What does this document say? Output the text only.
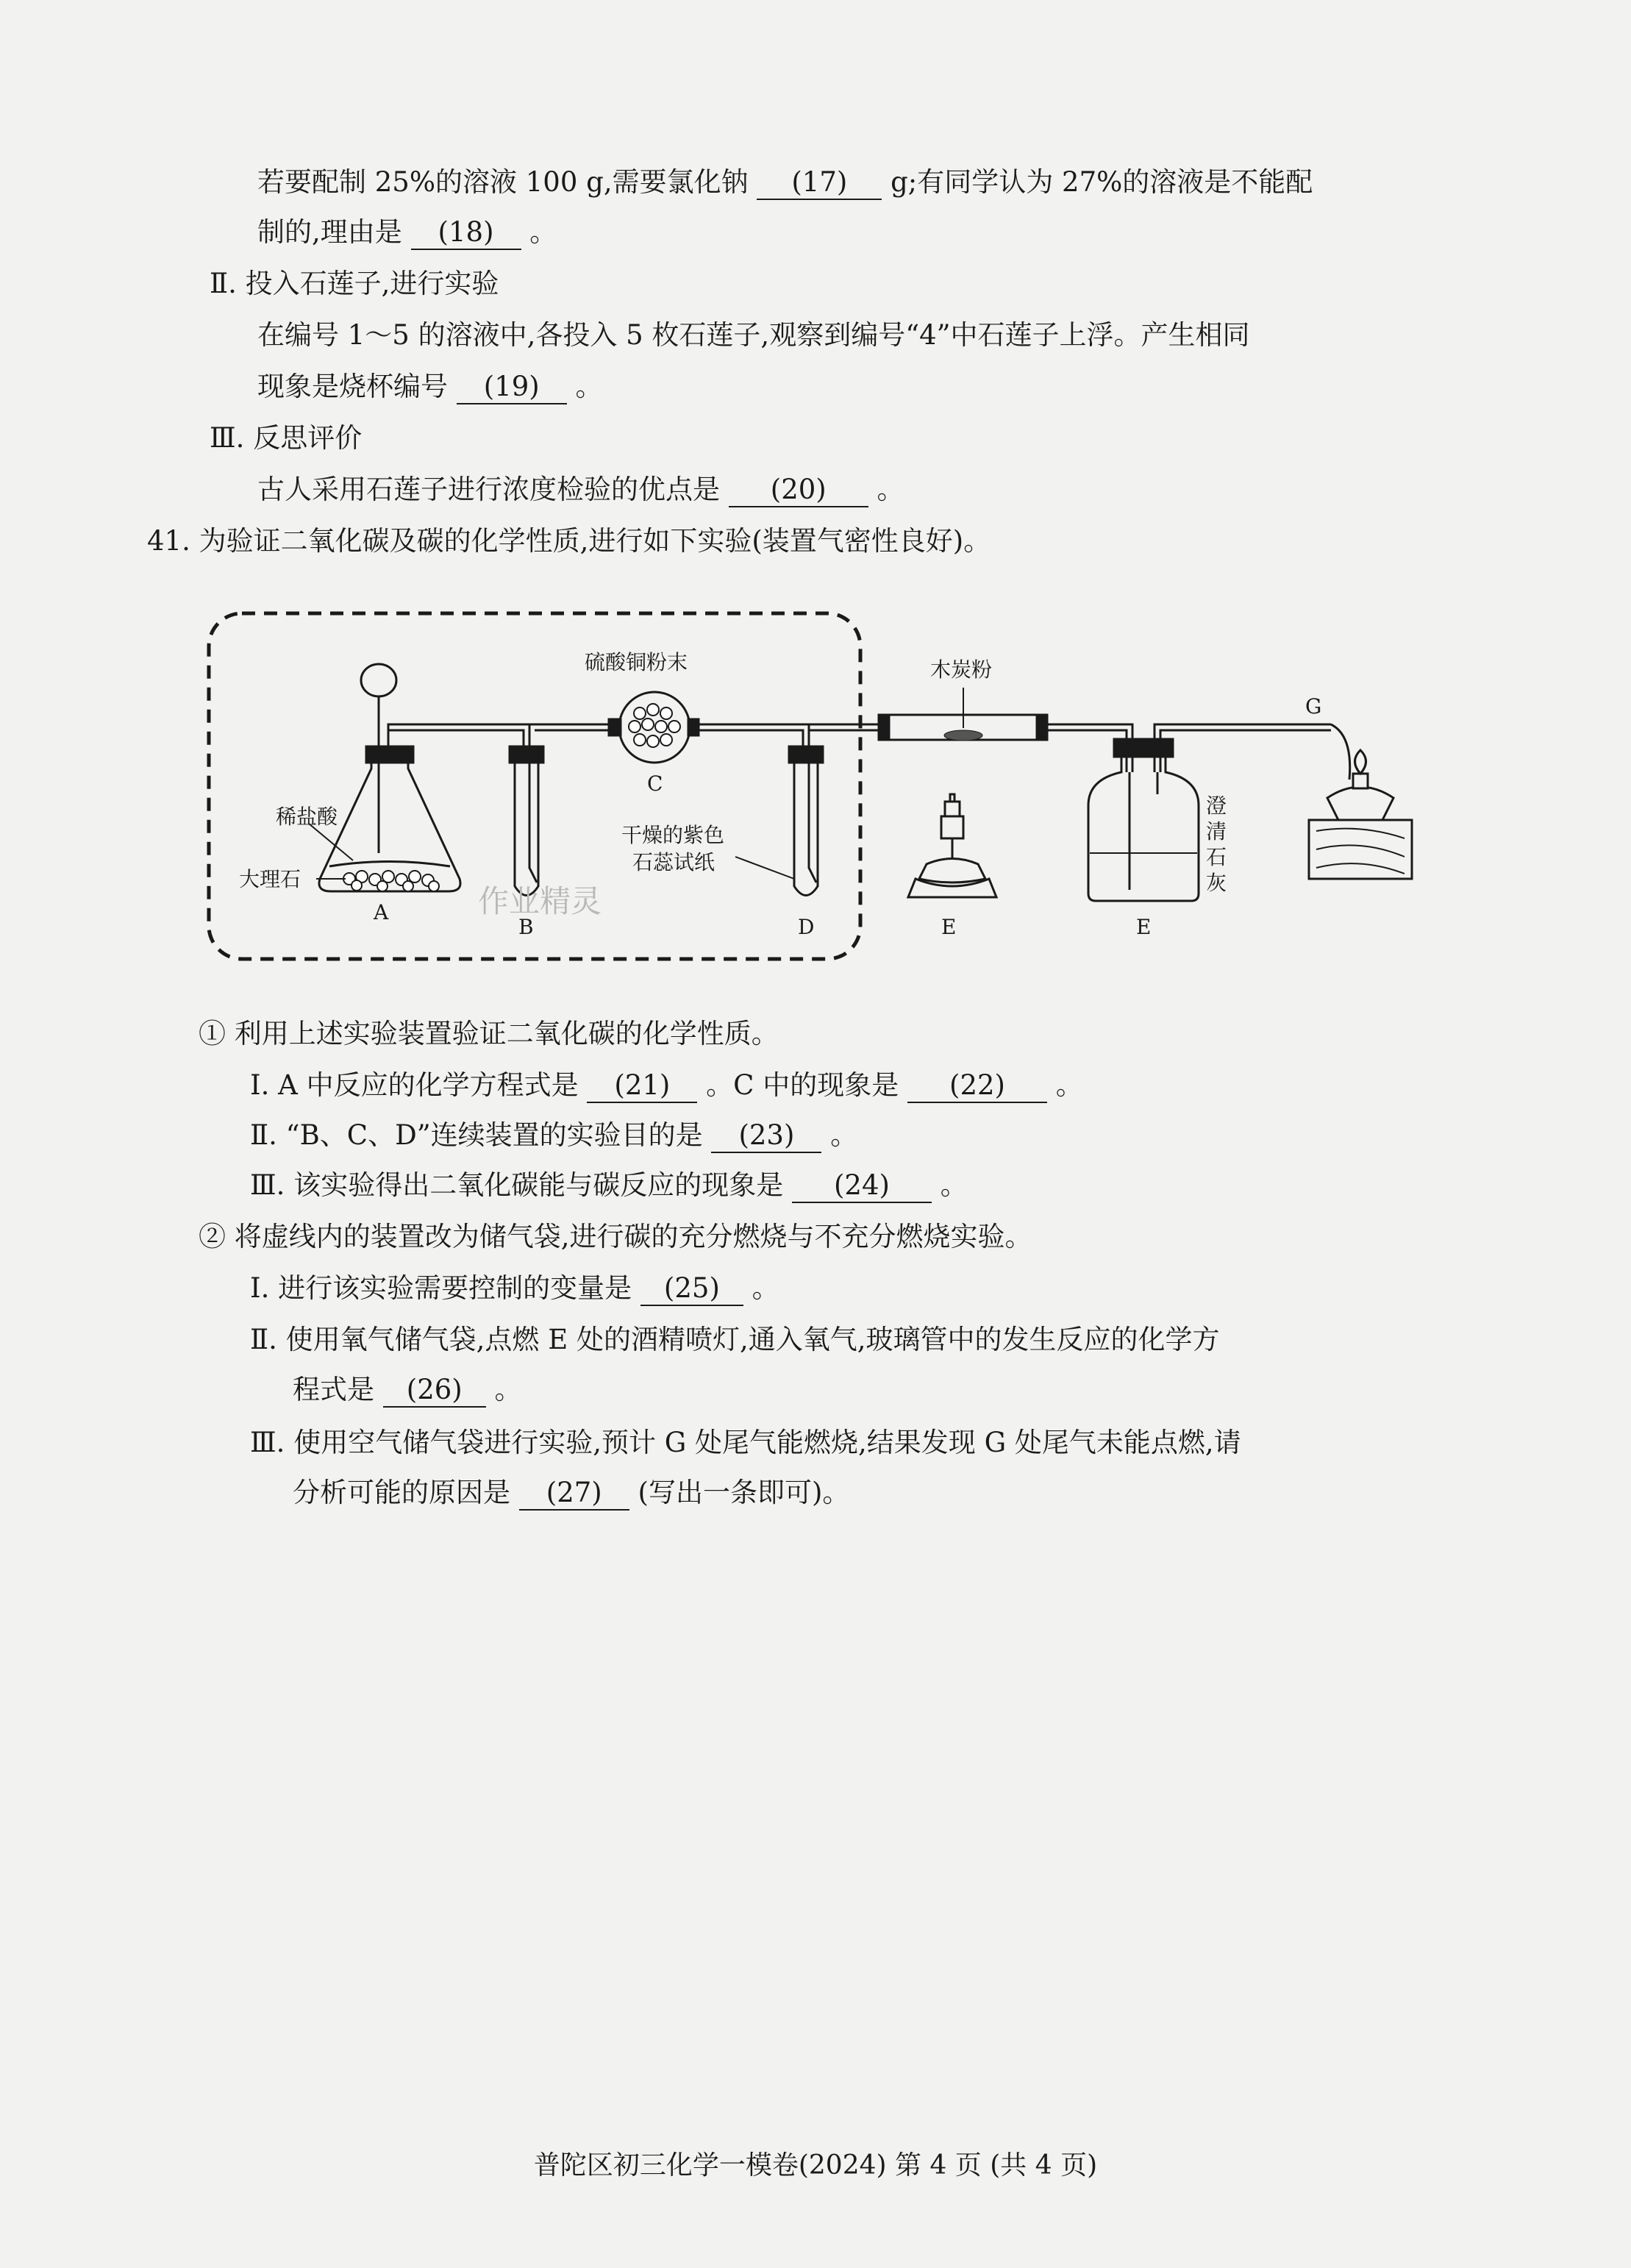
若要配制 25%的溶液 100 g,需要氯化钠 (17) g;有同学认为 27%的溶液是不能配
制的,理由是 (18) 。
Ⅱ. 投入石莲子,进行实验
在编号 1～5 的溶液中,各投入 5 枚石莲子,观察到编号“4”中石莲子上浮。产生相同
现象是烧杯编号 (19) 。
Ⅲ. 反思评价
古人采用石莲子进行浓度检验的优点是 (20) 。
41. 为验证二氧化碳及碳的化学性质,进行如下实验(装置气密性良好)。
稀盐酸
大理石
A
B
硫酸铜粉末
C
干燥的紫色
石蕊试纸
D
木炭粉
E
澄
清
石
灰
E
G
作业精灵
① 利用上述实验装置验证二氧化碳的化学性质。
Ⅰ. A 中反应的化学方程式是 (21) 。C 中的现象是 (22) 。
Ⅱ. “B、C、D”连续装置的实验目的是 (23) 。
Ⅲ. 该实验得出二氧化碳能与碳反应的现象是 (24) 。
② 将虚线内的装置改为储气袋,进行碳的充分燃烧与不充分燃烧实验。
Ⅰ. 进行该实验需要控制的变量是 (25) 。
Ⅱ. 使用氧气储气袋,点燃 E 处的酒精喷灯,通入氧气,玻璃管中的发生反应的化学方
程式是 (26) 。
Ⅲ. 使用空气储气袋进行实验,预计 G 处尾气能燃烧,结果发现 G 处尾气未能点燃,请
分析可能的原因是 (27) (写出一条即可)。
普陀区初三化学一模卷(2024) 第 4 页 (共 4 页)
